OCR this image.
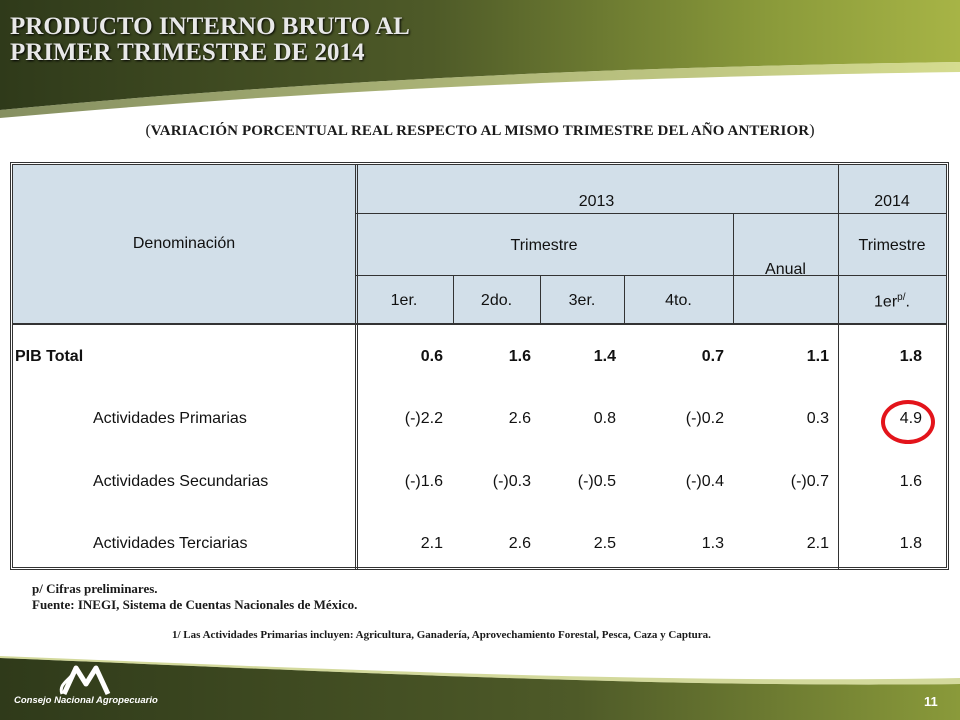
PRODUCTO INTERNO BRUTO AL
PRIMER TRIMESTRE DE 2014
(VARIACIÓN PORCENTUAL REAL RESPECTO AL MISMO TRIMESTRE DEL AÑO ANTERIOR)
Denominación
2013	2014
Trimestre
Anual
Trimestre
1er.	2do.	3er.	4to.	$1er^{p/}$.
PIB Total	0.6	1.6	1.4	0.7	1.1	1.8
Actividades Primarias	(-)2.2	2.6	0.8	(-)0.2	0.3	4.9
Actividades Secundarias	(-)1.6	(-)0.3	(-)0.5	(-)0.4	(-)0.7	1.6
Actividades Terciarias	2.1	2.6	2.5	1.3	2.1	1.8
p/ Cifras preliminares.
Fuente: INEGI, Sistema de Cuentas Nacionales de México.
1/ Las Actividades Primarias incluyen: Agricultura, Ganadería, Aprovechamiento Forestal, Pesca, Caza y Captura.
Consejo Nacional Agropecuario	11
